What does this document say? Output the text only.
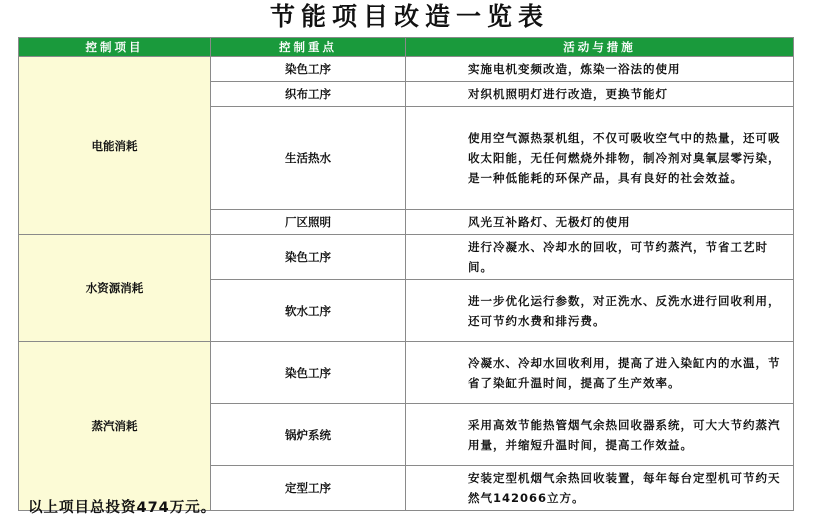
节能项目改造一览表
控制项目	控制重点	活动与措施
电能消耗	染色工序	实施电机变频改造，炼染一浴法的使用
	织布工序	对织机照明灯进行改造，更换节能灯
	生活热水	使用空气源热泵机组，不仅可吸收空气中的热量，还可吸收太阳能，无任何燃烧外排物，制冷剂对臭氧层零污染，是一种低能耗的环保产品，具有良好的社会效益。
	厂区照明	风光互补路灯、无极灯的使用
水资源消耗	染色工序	进行冷凝水、冷却水的回收，可节约蒸汽，节省工艺时间。
	软水工序	进一步优化运行参数，对正洗水、反洗水进行回收利用，还可节约水费和排污费。
蒸汽消耗	染色工序	冷凝水、冷却水回收利用，提高了进入染缸内的水温，节省了染缸升温时间，提高了生产效率。
	锅炉系统	采用高效节能热管烟气余热回收器系统，可大大节约蒸汽用量，并缩短升温时间，提高工作效益。
	定型工序	安装定型机烟气余热回收装置，每年每台定型机可节约天然气142066立方。
以上项目总投资474万元。
